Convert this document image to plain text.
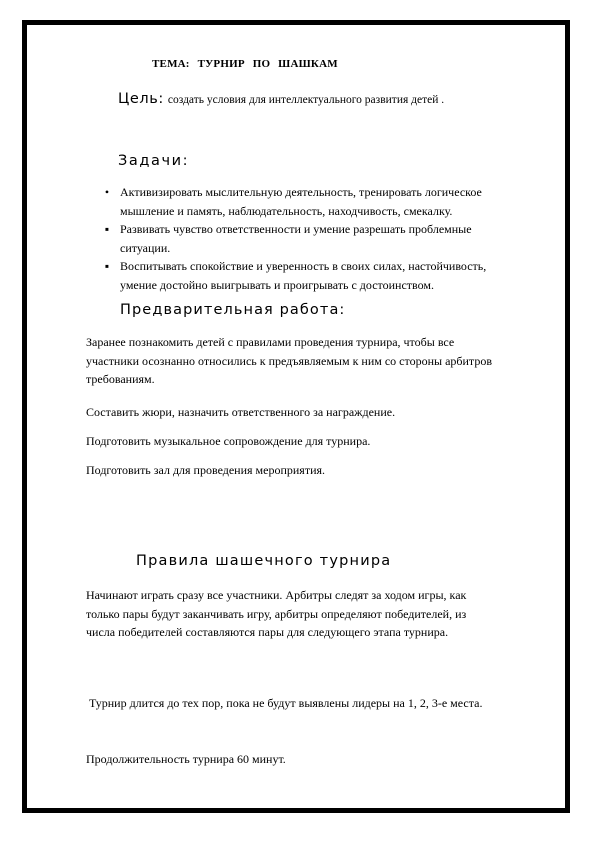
ТЕМА: ТУРНИР ПО ШАШКАМ
Цель: создать условия для интеллектуального развития детей .
Задачи:
• Активизировать мыслительную деятельность, тренировать логическое
мышление и память, наблюдательность, находчивость, смекалку.
▪ Развивать чувство ответственности и умение разрешать проблемные
ситуации.
▪ Воспитывать спокойствие и уверенность в своих силах, настойчивость,
умение достойно выигрывать и проигрывать с достоинством.
Предварительная работа:
Заранее познакомить детей с правилами проведения турнира, чтобы все
участники осознанно относились к предъявляемым к ним со стороны арбитров
требованиям.
Составить жюри, назначить ответственного за награждение.
Подготовить музыкальное сопровождение для турнира.
Подготовить зал для проведения мероприятия.
Правила шашечного турнира
Начинают играть сразу все участники. Арбитры следят за ходом игры, как
только пары будут заканчивать игру, арбитры определяют победителей, из
числа победителей составляются пары для следующего этапа турнира.

Турнир длится до тех пор, пока не будут выявлены лидеры на 1, 2, 3-е места.

Продолжительность турнира 60 минут.
